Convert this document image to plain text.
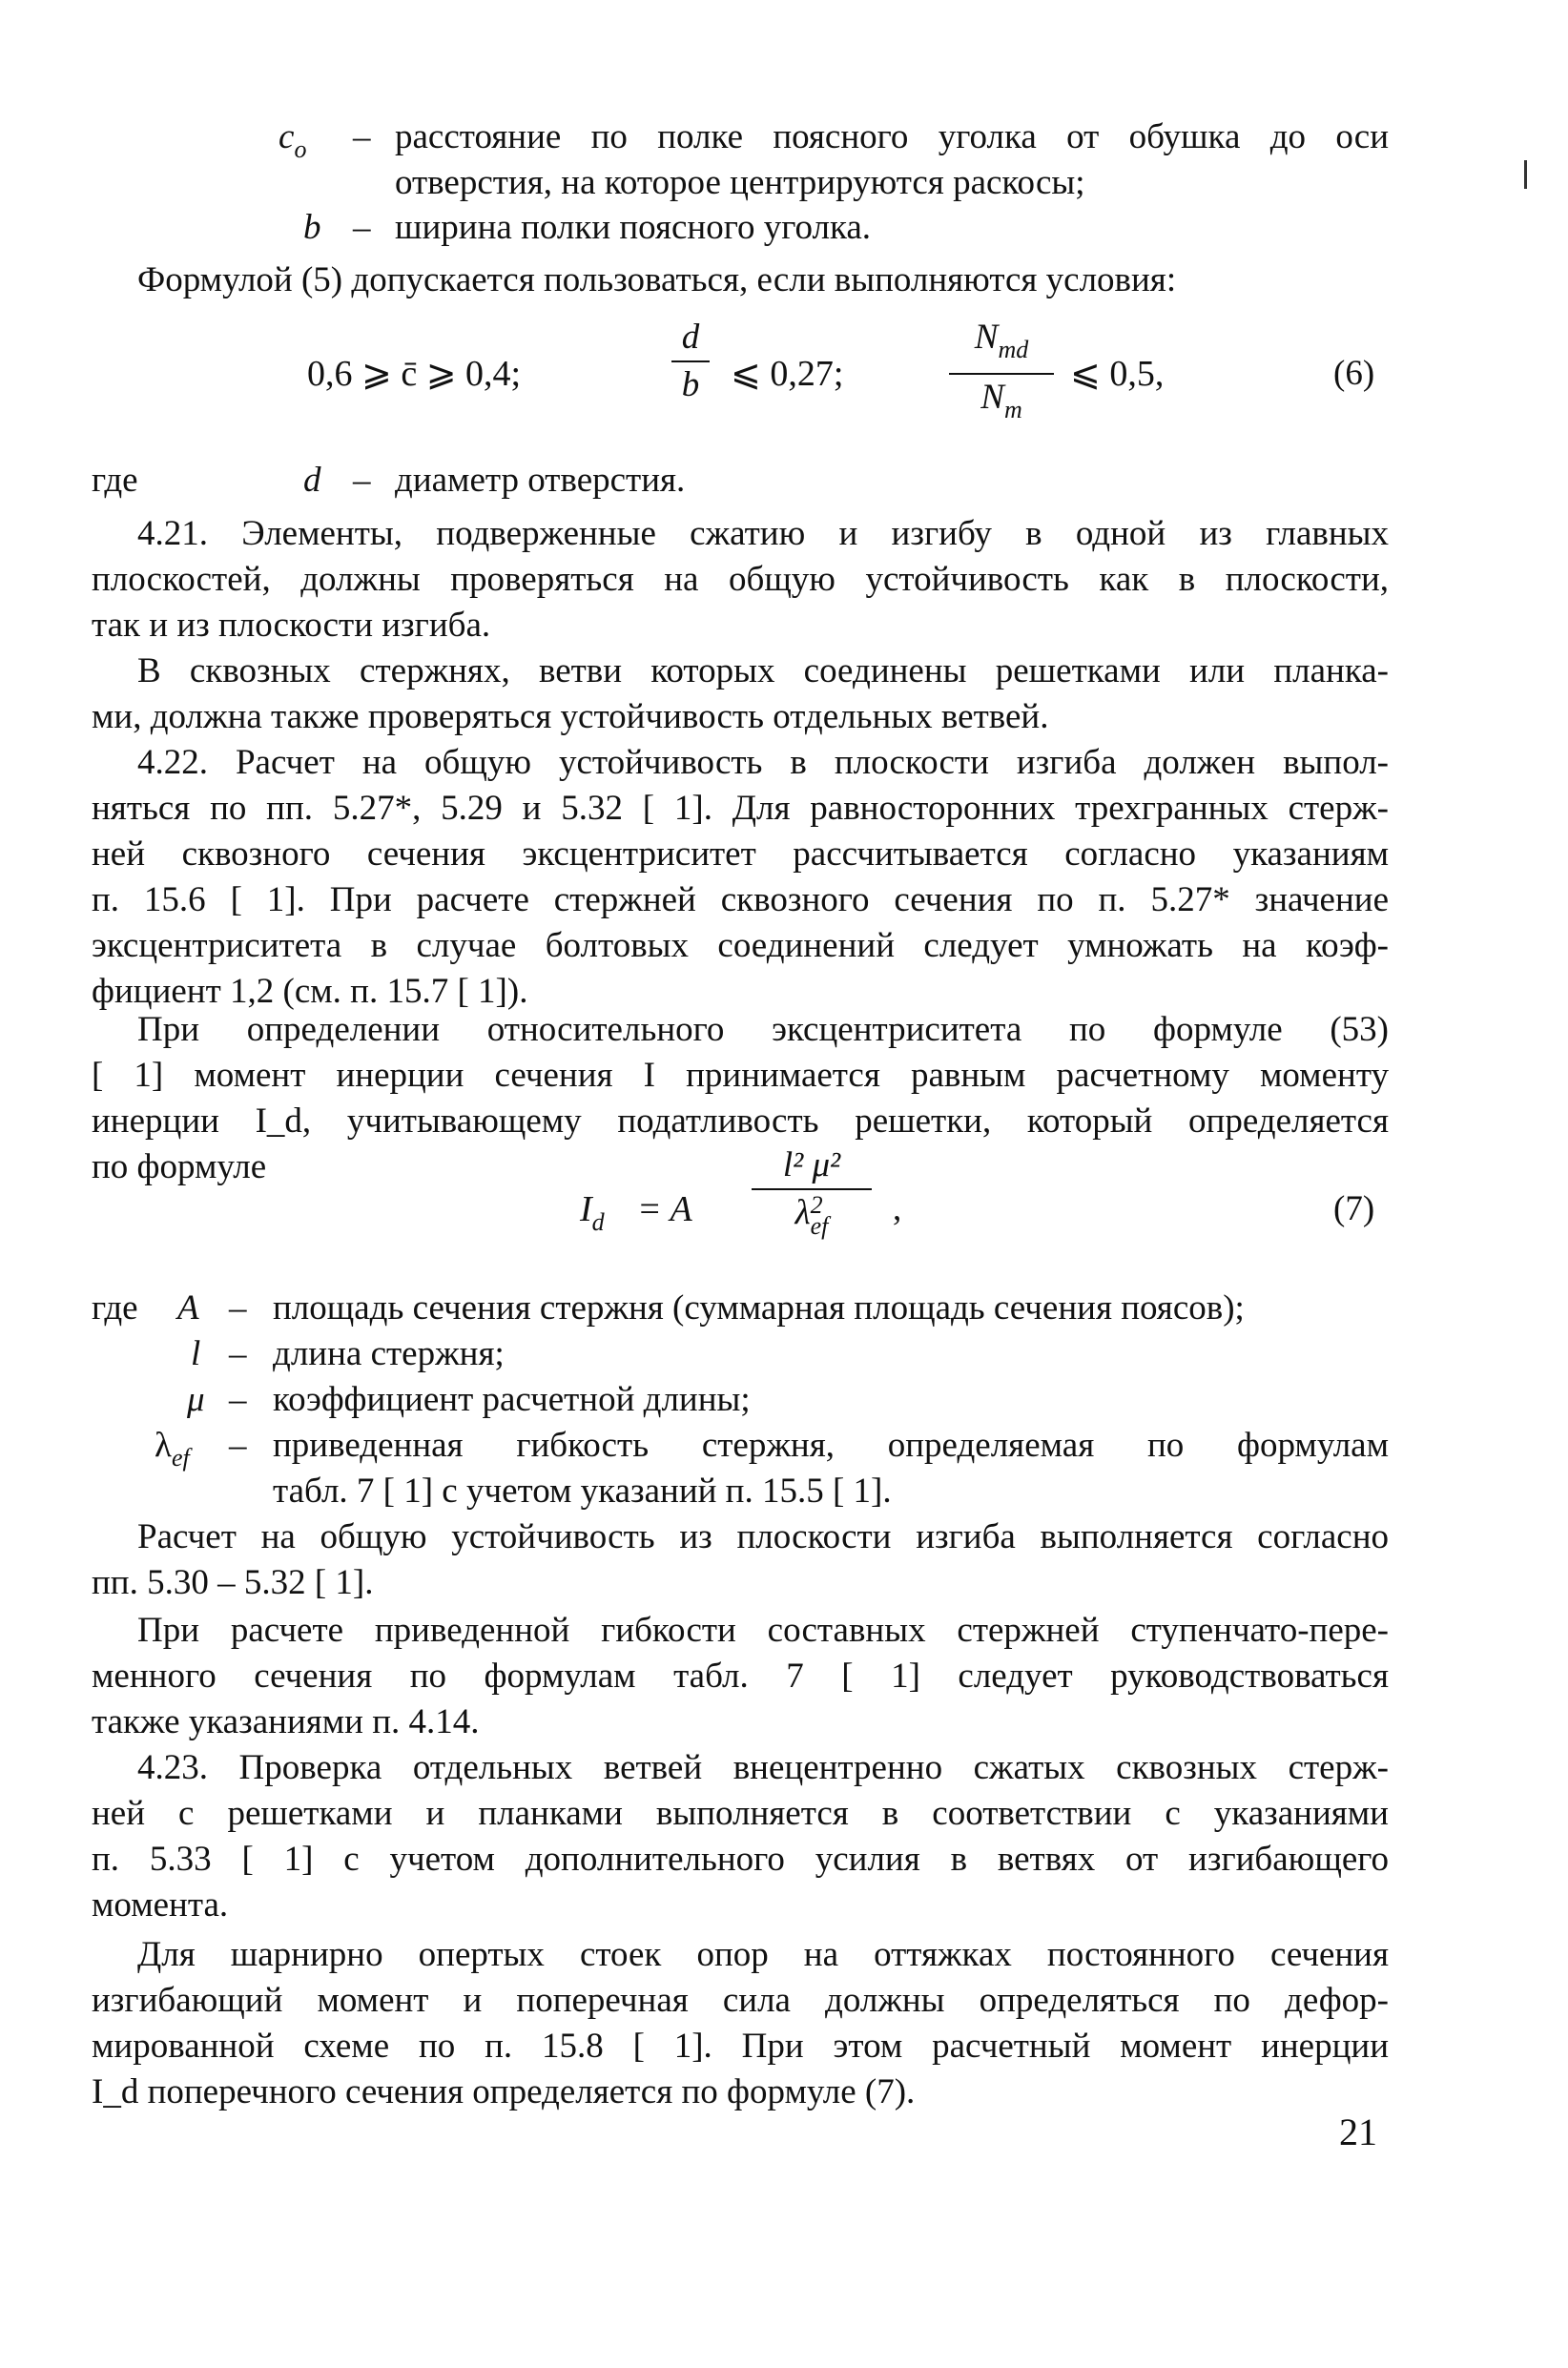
$c_o$ – расстояние по полке поясного уголка от обушка до оси
отверстия, на которое центрируются раскосы;
b – ширина полки поясного уголка.
Формулой (5) допускается пользоваться, если выполняются условия:
0,6 ⩾ c̄ ⩾ 0,4;
d
b ⩽ 0,27;
$N_{md}$
$N_m$
⩽ 0,5,	(6)
где	d – диаметр отверстия.
4.21. Элементы, подверженные сжатию и изгибу в одной из главных
плоскостей, должны проверяться на общую устойчивость как в плоскости,
так и из плоскости изгиба.
В сквозных стержнях, ветви которых соединены решетками или планка-
ми, должна также проверяться устойчивость отдельных ветвей.
4.22. Расчет на общую устойчивость в плоскости изгиба должен выпол-
няться по пп. 5.27*, 5.29 и 5.32 [ 1]. Для равносторонних трехгранных стерж-
ней сквозного сечения эксцентриситет рассчитывается согласно указаниям
п. 15.6 [ 1]. При расчете стержней сквозного сечения по п. 5.27* значение
эксцентриситета в случае болтовых соединений следует умножать на коэф-
фициент 1,2 (см. п. 15.7 [ 1]).
При определении относительного эксцентриситета по формуле (53)
[ 1] момент инерции сечения I принимается равным расчетному моменту
инерции I_d, учитывающему податливость решетки, который определяется
по формуле
$I_d = A$
l² μ²
λ 2
ef ,	(7)
где A – площадь сечения стержня (суммарная площадь сечения поясов);
l – длина стержня;
μ – коэффициент расчетной длины;
$\lambda_{ef}$ – приведенная гибкость стержня, определяемая по формулам
табл. 7 [ 1] с учетом указаний п. 15.5 [ 1].
Расчет на общую устойчивость из плоскости изгиба выполняется согласно
пп. 5.30 – 5.32 [ 1].
При расчете приведенной гибкости составных стержней ступенчато-пере-
менного сечения по формулам табл. 7 [ 1] следует руководствоваться
также указаниями п. 4.14.
4.23. Проверка отдельных ветвей внецентренно сжатых сквозных стерж-
ней с решетками и планками выполняется в соответствии с указаниями
п. 5.33 [ 1] с учетом дополнительного усилия в ветвях от изгибающего
момента.
Для шарнирно опертых стоек опор на оттяжках постоянного сечения
изгибающий момент и поперечная сила должны определяться по дефор-
мированной схеме по п. 15.8 [ 1]. При этом расчетный момент инерции
I_d поперечного сечения определяется по формуле (7).
21
